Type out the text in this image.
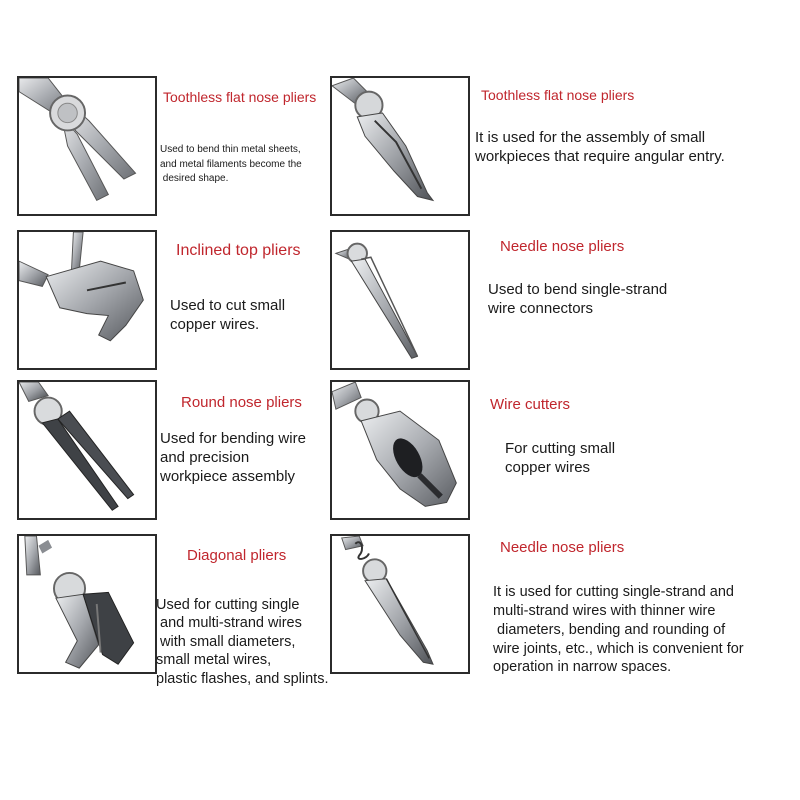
Toothless flat nose pliers
Used to bend thin metal sheets,
and metal filaments become the
desired shape.
Toothless flat nose pliers
It is used for the assembly of small
workpieces that require angular entry.
Inclined top pliers
Used to cut small
copper wires.
Needle nose pliers
Used to bend single-strand
wire connectors
Round nose pliers
Used for bending wire
and precision
workpiece assembly
Wire cutters
For cutting small
copper wires
Diagonal pliers
Used for cutting single
and multi-strand wires
with small diameters,
small metal wires,
plastic flashes, and splints.
Needle nose pliers
It is used for cutting single-strand and
multi-strand wires with thinner wire
diameters, bending and rounding of
wire joints, etc., which is convenient for
operation in narrow spaces.
